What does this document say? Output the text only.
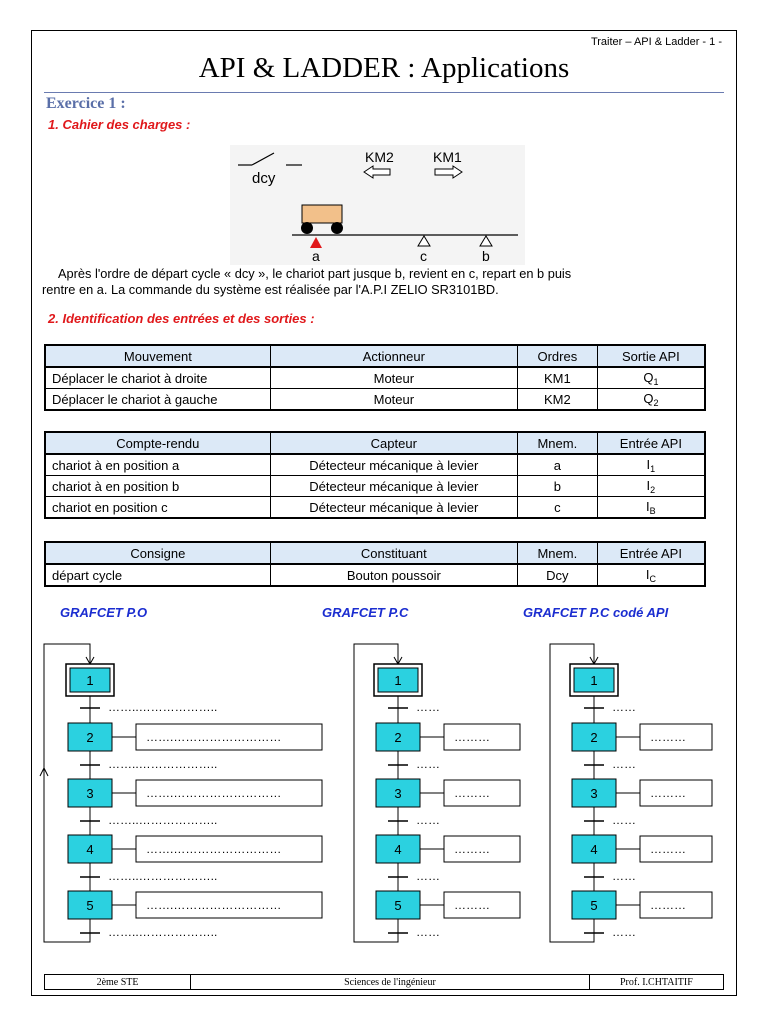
Traiter – API & Ladder - 1 -
API & LADDER : Applications
Exercice 1 :
1. Cahier des charges :
dcy
KM2	KM1
a	c	b
Après l'ordre de départ cycle « dcy », le chariot part jusque b, revient en c, repart en b puis
rentre en a. La commande du système est réalisée par l'A.P.I ZELIO SR3101BD.
2. Identification des entrées et des sorties :
Mouvement	Actionneur	Ordres	Sortie API
Déplacer le chariot à droite	Moteur	KM1	$Q_1$
Déplacer le chariot à gauche	Moteur	KM2	$Q_2$
Compte-rendu	Capteur	Mnem.	Entrée API
chariot à en position a	Détecteur mécanique à levier	a	$I_1$
chariot à en position b	Détecteur mécanique à levier	b	$I_2$
chariot en position c	Détecteur mécanique à levier	c	$I_B$
Consigne	Constituant	Mnem.	Entrée API
départ cycle	Bouton poussoir	Dcy	$I_C$
GRAFCET P.O	GRAFCET P.C	GRAFCET P.C codé API
1
……..………………..
…….………………………
2
……..………………..
…….………………………
3
……..………………..
…….………………………
4
……..………………..
…….………………………
5
……..………………..
1
……
………
2
……
………
3
……
………
4
……
………
5
……
1
……
………
2
……
………
3
……
………
4
……
………
5
……
2ème STE	Sciences de l'ingénieur	Prof. I.CHTAITIF
